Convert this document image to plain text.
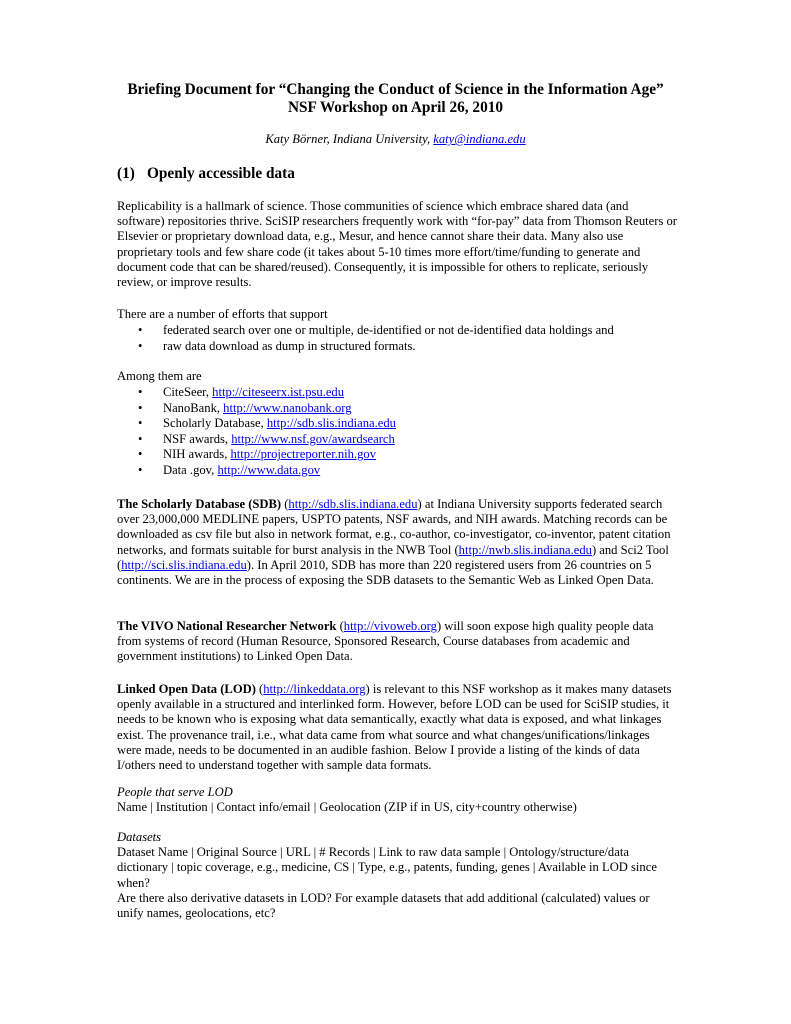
Briefing Document for “Changing the Conduct of Science in the Information Age”
NSF Workshop on April 26, 2010
Katy Börner, Indiana University, katy@indiana.edu
(1) Openly accessible data

Replicability is a hallmark of science. Those communities of science which embrace shared data (and software) repositories thrive. SciSIP researchers frequently work with “for-pay” data from Thomson Reuters or Elsevier or proprietary download data, e.g., Mesur, and hence cannot share their data. Many also use proprietary tools and few share code (it takes about 5-10 times more effort/time/funding to generate and document code that can be shared/reused). Consequently, it is impossible for others to replicate, seriously review, or improve results.

There are a number of efforts that support
• federated search over one or multiple, de-identified or not de-identified data holdings and
• raw data download as dump in structured formats.
Among them are
• CiteSeer, http://citeseerx.ist.psu.edu
• NanoBank, http://www.nanobank.org
• Scholarly Database, http://sdb.slis.indiana.edu
• NSF awards, http://www.nsf.gov/awardsearch
• NIH awards, http://projectreporter.nih.gov
• Data .gov, http://www.data.gov
The Scholarly Database (SDB) (http://sdb.slis.indiana.edu) at Indiana University supports federated search over 23,000,000 MEDLINE papers, USPTO patents, NSF awards, and NIH awards. Matching records can be downloaded as csv file but also in network format, e.g., co-author, co-investigator, co-inventor, patent citation networks, and formats suitable for burst analysis in the NWB Tool (http://nwb.slis.indiana.edu) and Sci2 Tool (http://sci.slis.indiana.edu). In April 2010, SDB has more than 220 registered users from 26 countries on 5 continents. We are in the process of exposing the SDB datasets to the Semantic Web as Linked Open Data.
The VIVO National Researcher Network (http://vivoweb.org) will soon expose high quality people data from systems of record (Human Resource, Sponsored Research, Course databases from academic and government institutions) to Linked Open Data.
Linked Open Data (LOD) (http://linkeddata.org) is relevant to this NSF workshop as it makes many datasets openly available in a structured and interlinked form. However, before LOD can be used for SciSIP studies, it needs to be known who is exposing what data semantically, exactly what data is exposed, and what linkages exist. The provenance trail, i.e., what data came from what source and what changes/unifications/linkages were made, needs to be documented in an audible fashion. Below I provide a listing of the kinds of data I/others need to understand together with sample data formats.
People that serve LOD
Name | Institution | Contact info/email | Geolocation (ZIP if in US, city+country otherwise)
Datasets
Dataset Name | Original Source | URL | # Records | Link to raw data sample | Ontology/structure/data dictionary | topic coverage, e.g., medicine, CS | Type, e.g., patents, funding, genes | Available in LOD since when?
Are there also derivative datasets in LOD? For example datasets that add additional (calculated) values or unify names, geolocations, etc?
